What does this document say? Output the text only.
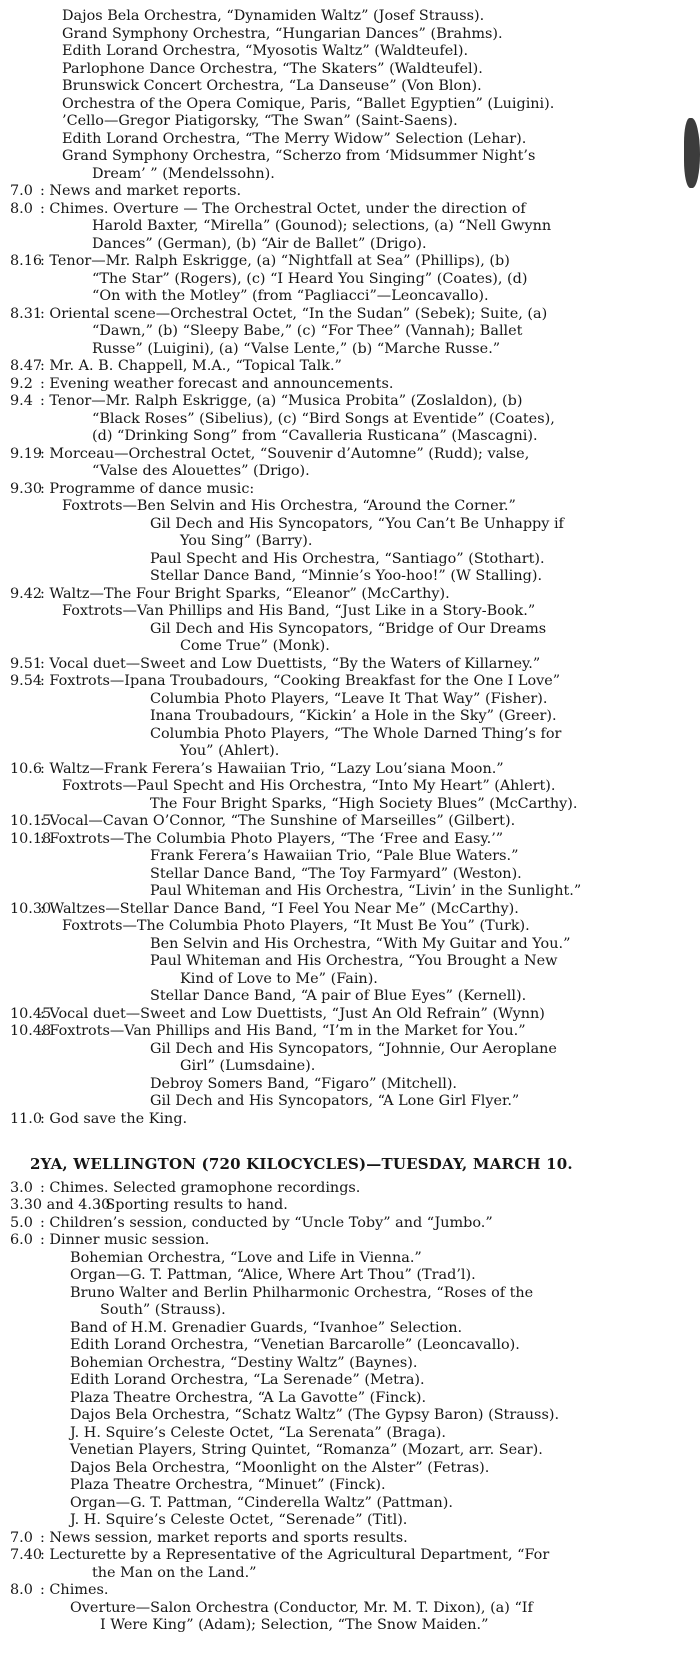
Dajos Bela Orchestra, “Dynamiden Waltz” (Josef Strauss).
Grand Symphony Orchestra, “Hungarian Dances” (Brahms).
Edith Lorand Orchestra, “Myosotis Waltz” (Waldteufel).
Parlophone Dance Orchestra, “The Skaters” (Waldteufel).
Brunswick Concert Orchestra, “La Danseuse” (Von Blon).
Orchestra of the Opera Comique, Paris, “Ballet Egyptien” (Luigini).
’Cello—Gregor Piatigorsky, “The Swan” (Saint-Saens).
Edith Lorand Orchestra, “The Merry Widow” Selection (Lehar).
Grand Symphony Orchestra, “Scherzo from ‘Midsummer Night’s
Dream’ ” (Mendelssohn).
7.0 : News and market reports.
8.0 : Chimes. Overture — The Orchestral Octet, under the direction of
Harold Baxter, “Mirella” (Gounod); selections, (a) “Nell Gwynn
Dances” (German), (b) “Air de Ballet” (Drigo).
8.16
: Tenor—Mr. Ralph Eskrigge, (a) “Nightfall at Sea” (Phillips), (b)
“The Star” (Rogers), (c) “I Heard You Singing” (Coates), (d)
“On with the Motley” (from “Pagliacci”—Leoncavallo).
8.31
: Oriental scene—Orchestral Octet, “In the Sudan” (Sebek); Suite, (a)
“Dawn,” (b) “Sleepy Babe,” (c) “For Thee” (Vannah); Ballet
Russe” (Luigini), (a) “Valse Lente,” (b) “Marche Russe.”
8.47
: Mr. A. B. Chappell, M.A., “Topical Talk.”
9.2 : Evening weather forecast and announcements.
9.4 : Tenor—Mr. Ralph Eskrigge, (a) “Musica Probita” (Zoslaldon), (b)
“Black Roses” (Sibelius), (c) “Bird Songs at Eventide” (Coates),
(d) “Drinking Song” from “Cavalleria Rusticana” (Mascagni).
9.19
: Morceau—Orchestral Octet, “Souvenir d’Automne” (Rudd); valse,
“Valse des Alouettes” (Drigo).
9.30
: Programme of dance music:
Foxtrots—Ben Selvin and His Orchestra, “Around the Corner.”
Gil Dech and His Syncopators, “You Can’t Be Unhappy if
You Sing” (Barry).
Paul Specht and His Orchestra, “Santiago” (Stothart).
Stellar Dance Band, “Minnie’s Yoo-hoo!” (W Stalling).
9.42
: Waltz—The Four Bright Sparks, “Eleanor” (McCarthy).
Foxtrots—Van Phillips and His Band, “Just Like in a Story-Book.”
Gil Dech and His Syncopators, “Bridge of Our Dreams
Come True” (Monk).
9.51
: Vocal duet—Sweet and Low Duettists, “By the Waters of Killarney.”
9.54
: Foxtrots—Ipana Troubadours, “Cooking Breakfast for the One I Love”
Columbia Photo Players, “Leave It That Way” (Fisher).
Inana Troubadours, “Kickin’ a Hole in the Sky” (Greer).
Columbia Photo Players, “The Whole Darned Thing’s for
You” (Ahlert).
10.6
: Waltz—Frank Ferera’s Hawaiian Trio, “Lazy Lou’siana Moon.”
Foxtrots—Paul Specht and His Orchestra, “Into My Heart” (Ahlert).
The Four Bright Sparks, “High Society Blues” (McCarthy).
10.15
: Vocal—Cavan O’Connor, “The Sunshine of Marseilles” (Gilbert).
10.18
: Foxtrots—The Columbia Photo Players, “The ‘Free and Easy.’”
Frank Ferera’s Hawaiian Trio, “Pale Blue Waters.”
Stellar Dance Band, “The Toy Farmyard” (Weston).
Paul Whiteman and His Orchestra, “Livin’ in the Sunlight.”
10.30
: Waltzes—Stellar Dance Band, “I Feel You Near Me” (McCarthy).
Foxtrots—The Columbia Photo Players, “It Must Be You” (Turk).
Ben Selvin and His Orchestra, “With My Guitar and You.”
Paul Whiteman and His Orchestra, “You Brought a New
Kind of Love to Me” (Fain).
Stellar Dance Band, “A pair of Blue Eyes” (Kernell).
10.45
: Vocal duet—Sweet and Low Duettists, “Just An Old Refrain” (Wynn)
10.48
: Foxtrots—Van Phillips and His Band, “I’m in the Market for You.”
Gil Dech and His Syncopators, “Johnnie, Our Aeroplane
Girl” (Lumsdaine).
Debroy Somers Band, “Figaro” (Mitchell).
Gil Dech and His Syncopators, “A Lone Girl Flyer.”
11.0
: God save the King.

2YA, WELLINGTON (720 KILOCYCLES)—TUESDAY, MARCH 10.

3.0 : Chimes. Selected gramophone recordings.
3.30 and 4.30
: Sporting results to hand.
5.0 : Children’s session, conducted by “Uncle Toby” and “Jumbo.”
6.0 : Dinner music session.
Bohemian Orchestra, “Love and Life in Vienna.”
Organ—G. T. Pattman, “Alice, Where Art Thou” (Trad’l).
Bruno Walter and Berlin Philharmonic Orchestra, “Roses of the
South” (Strauss).
Band of H.M. Grenadier Guards, “Ivanhoe” Selection.
Edith Lorand Orchestra, “Venetian Barcarolle” (Leoncavallo).
Bohemian Orchestra, “Destiny Waltz” (Baynes).
Edith Lorand Orchestra, “La Serenade” (Metra).
Plaza Theatre Orchestra, “A La Gavotte” (Finck).
Dajos Bela Orchestra, “Schatz Waltz” (The Gypsy Baron) (Strauss).
J. H. Squire’s Celeste Octet, “La Serenata” (Braga).
Venetian Players, String Quintet, “Romanza” (Mozart, arr. Sear).
Dajos Bela Orchestra, “Moonlight on the Alster” (Fetras).
Plaza Theatre Orchestra, “Minuet” (Finck).
Organ—G. T. Pattman, “Cinderella Waltz” (Pattman).
J. H. Squire’s Celeste Octet, “Serenade” (Titl).
7.0 : News session, market reports and sports results.
7.40
: Lecturette by a Representative of the Agricultural Department, “For
the Man on the Land.”
8.0 : Chimes.
Overture—Salon Orchestra (Conductor, Mr. M. T. Dixon), (a) “If
I Were King” (Adam); Selection, “The Snow Maiden.”
